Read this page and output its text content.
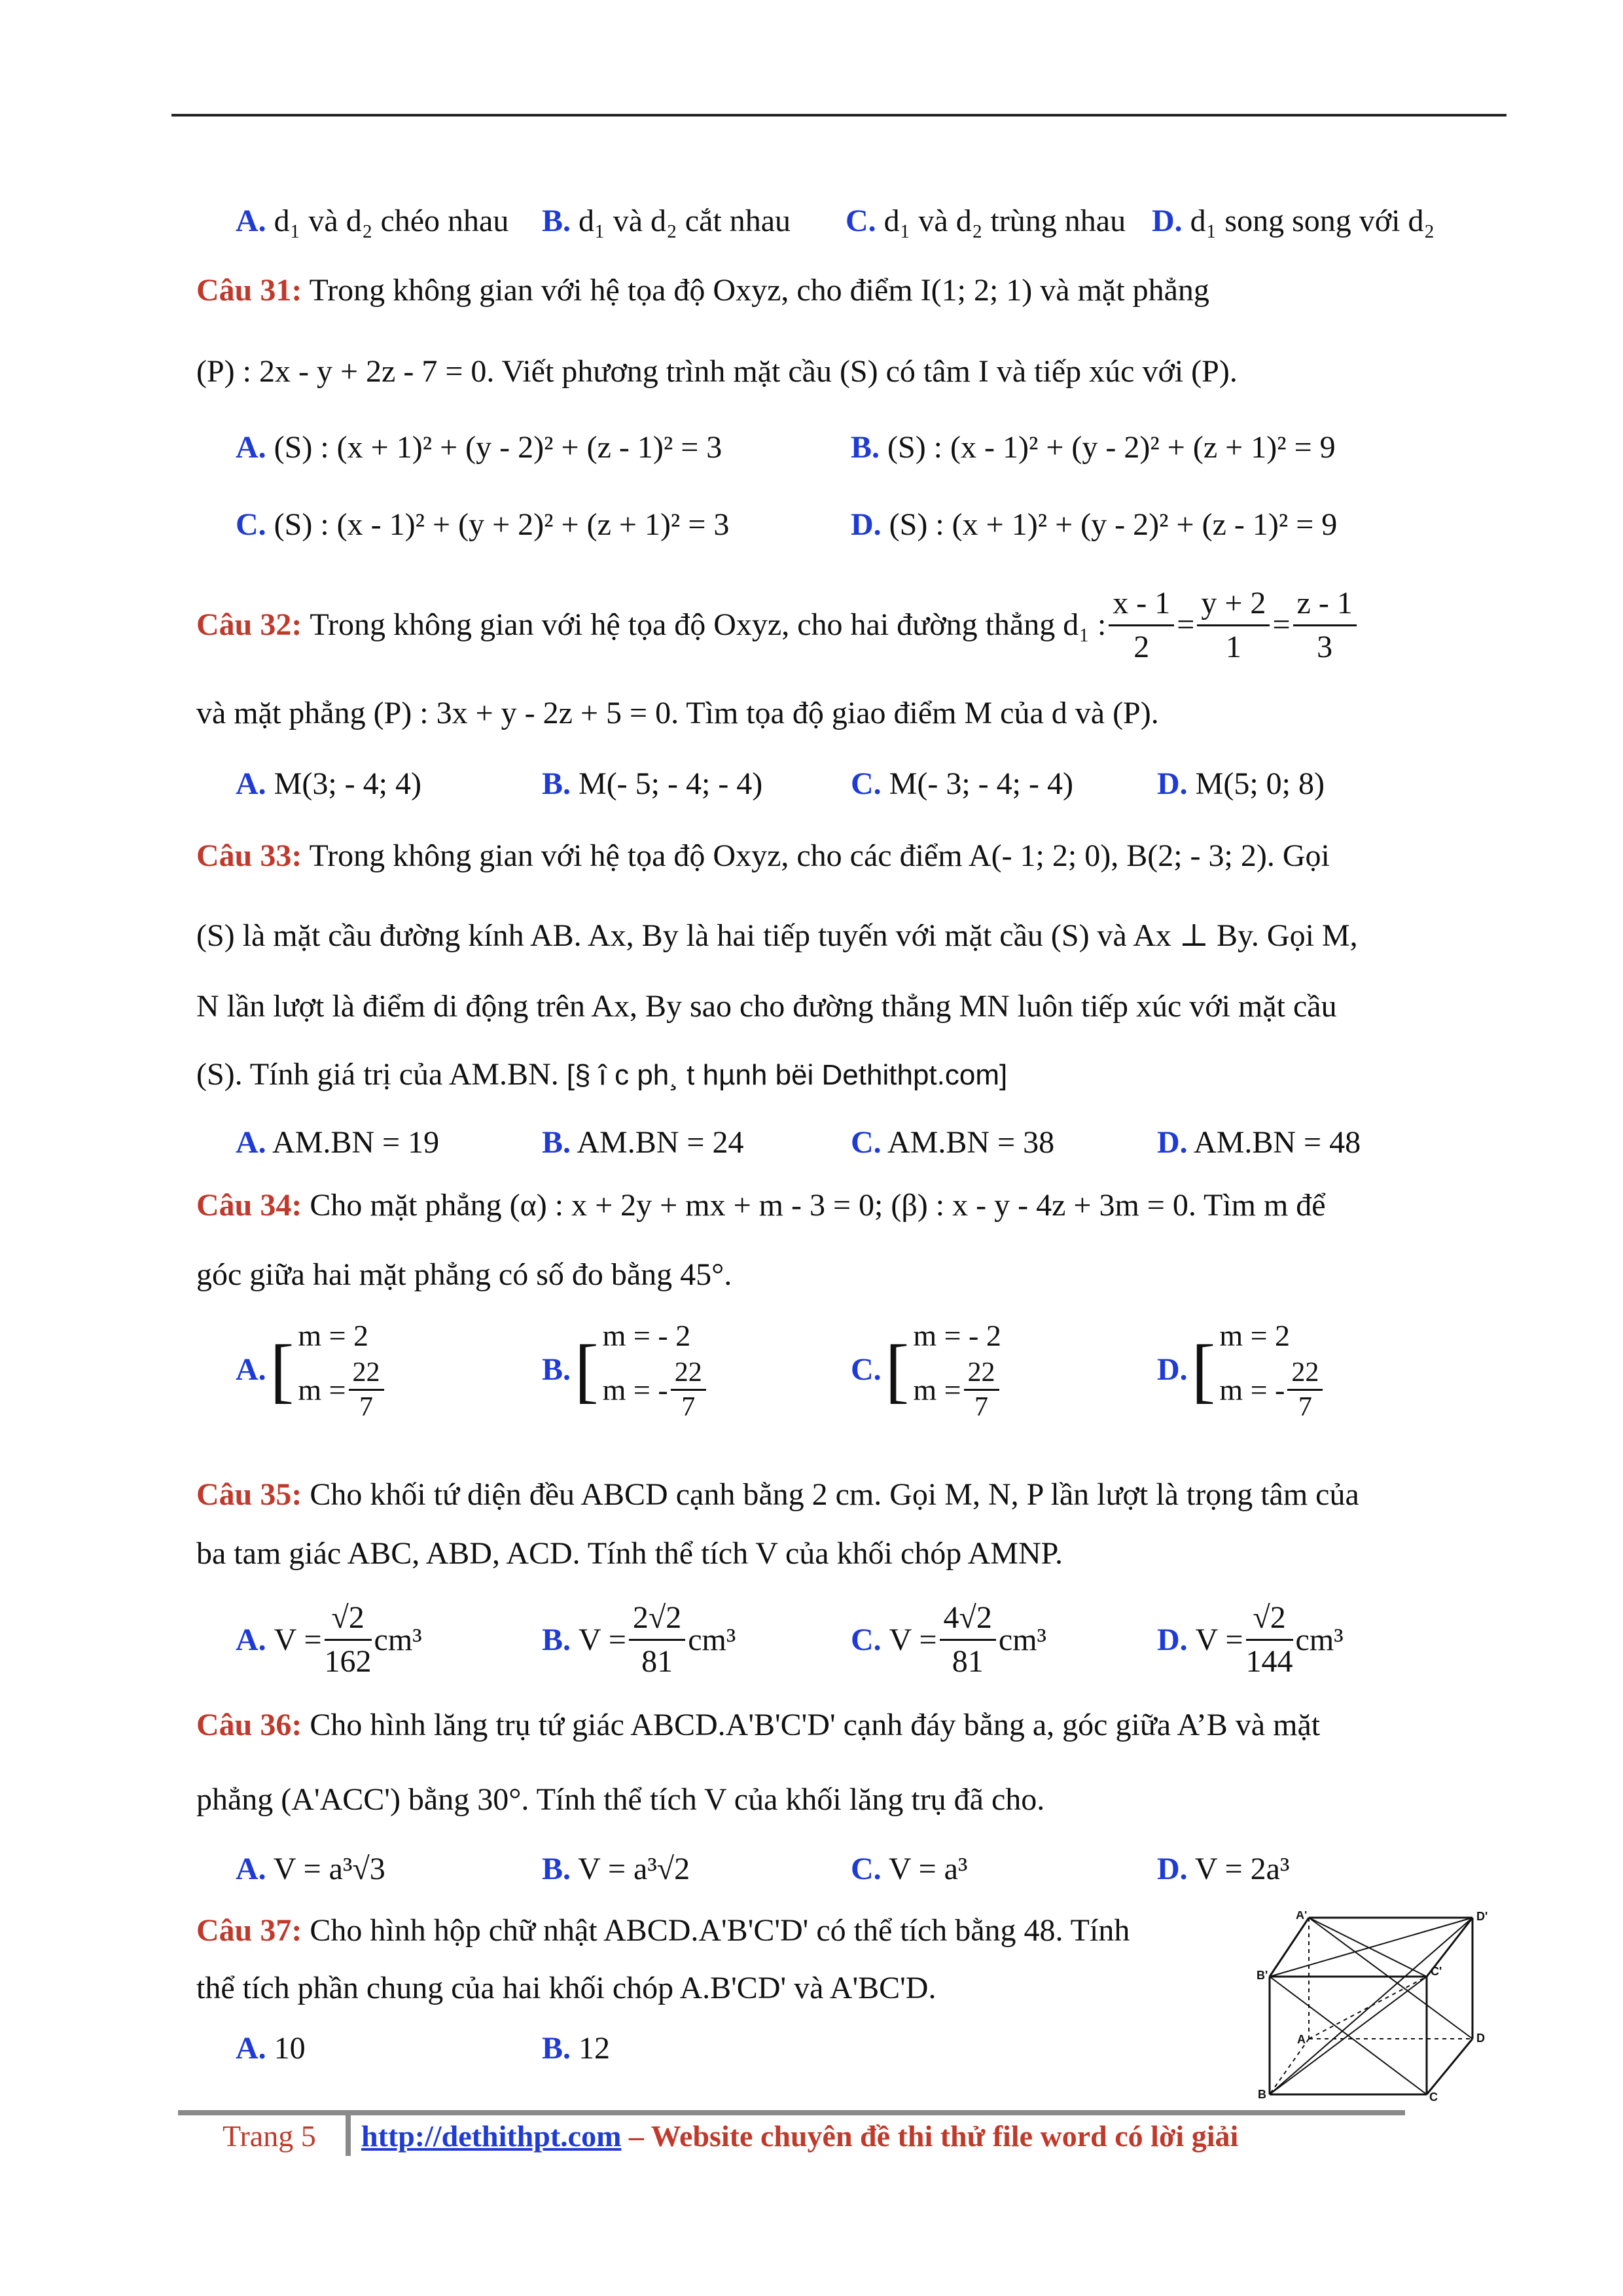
A. d₁ và d₂ chéo nhau B. d₁ và d₂ cắt nhau C. d₁ và d₂ trùng nhau D. d₁ song song với d₂
Câu 31: Trong không gian với hệ tọa độ Oxyz, cho điểm I(1; 2; 1) và mặt phẳng
(P) : 2x - y + 2z - 7 = 0. Viết phương trình mặt cầu (S) có tâm I và tiếp xúc với (P).
A. (S) : (x + 1)² + (y - 2)² + (z - 1)² = 3	B. (S) : (x - 1)² + (y - 2)² + (z + 1)² = 9
C. (S) : (x - 1)² + (y + 2)² + (z + 1)² = 3	D. (S) : (x + 1)² + (y - 2)² + (z - 1)² = 9
Câu 32:
Trong không gian với hệ tọa độ Oxyz, cho hai đường thẳng d₁ : $\frac{x - 1}{2} = \frac{y + 2}{1} = \frac{z - 1}{3}$
và mặt phẳng (P) : 3x + y - 2z + 5 = 0. Tìm tọa độ giao điểm M của d và (P).
A. M(3; - 4; 4)	B. M(- 5; - 4; - 4)	C. M(- 3; - 4; - 4)	D. M(5; 0; 8)
Câu 33: Trong không gian với hệ tọa độ Oxyz, cho các điểm A(- 1; 2; 0), B(2; - 3; 2). Gọi
(S) là mặt cầu đường kính AB. Ax, By là hai tiếp tuyến với mặt cầu (S) và Ax ⊥ By. Gọi M,
N lần lượt là điểm di động trên Ax, By sao cho đường thẳng MN luôn tiếp xúc với mặt cầu
(S). Tính giá trị của AM.BN. [§ î c ph¸ t hµnh bëi Dethithpt.com]
A. AM.BN = 19	B. AM.BN = 24	C. AM.BN = 38	D. AM.BN = 48
Câu 34: Cho mặt phẳng (α) : x + 2y + mx + m - 3 = 0; (β) : x - y - 4z + 3m = 0. Tìm m để
góc giữa hai mặt phẳng có số đo bằng 45°.
A. [ m = 2
$m = \frac{22}{7}$	B. [ m = - 2
m = - $\frac{22}{7}$	C. [ m = - 2
$m = \frac{22}{7}$	D. [ m = 2
m = - $\frac{22}{7}$
Câu 35: Cho khối tứ diện đều ABCD cạnh bằng 2 cm. Gọi M, N, P lần lượt là trọng tâm của
ba tam giác ABC, ABD, ACD. Tính thể tích V của khối chóp AMNP.
A.
$V = \frac{√2}{162} cm^3$	B.
$V = \frac{2√2}{81} cm^3$	C.
$V = \frac{4√2}{81} cm^3$	D.
$V = \frac{√2}{144} cm^3$
Câu 36: Cho hình lăng trụ tứ giác ABCD.A'B'C'D' cạnh đáy bằng a, góc giữa A’B và mặt
phẳng (A'ACC') bằng 30°. Tính thể tích V của khối lăng trụ đã cho.
A. V = a³√3	B. V = a³√2	C. V = a³	D. V = 2a³
Câu 37: Cho hình hộp chữ nhật ABCD.A'B'C'D' có thể tích bằng 48. Tính
thể tích phần chung của hai khối chóp A.B'CD' và A'BC'D.
A. 10	B. 12
A'	D'
B'	C'
A	D
B	C
Trang 5 http://dethithpt.com – Website chuyên đề thi thử file word có lời giải
